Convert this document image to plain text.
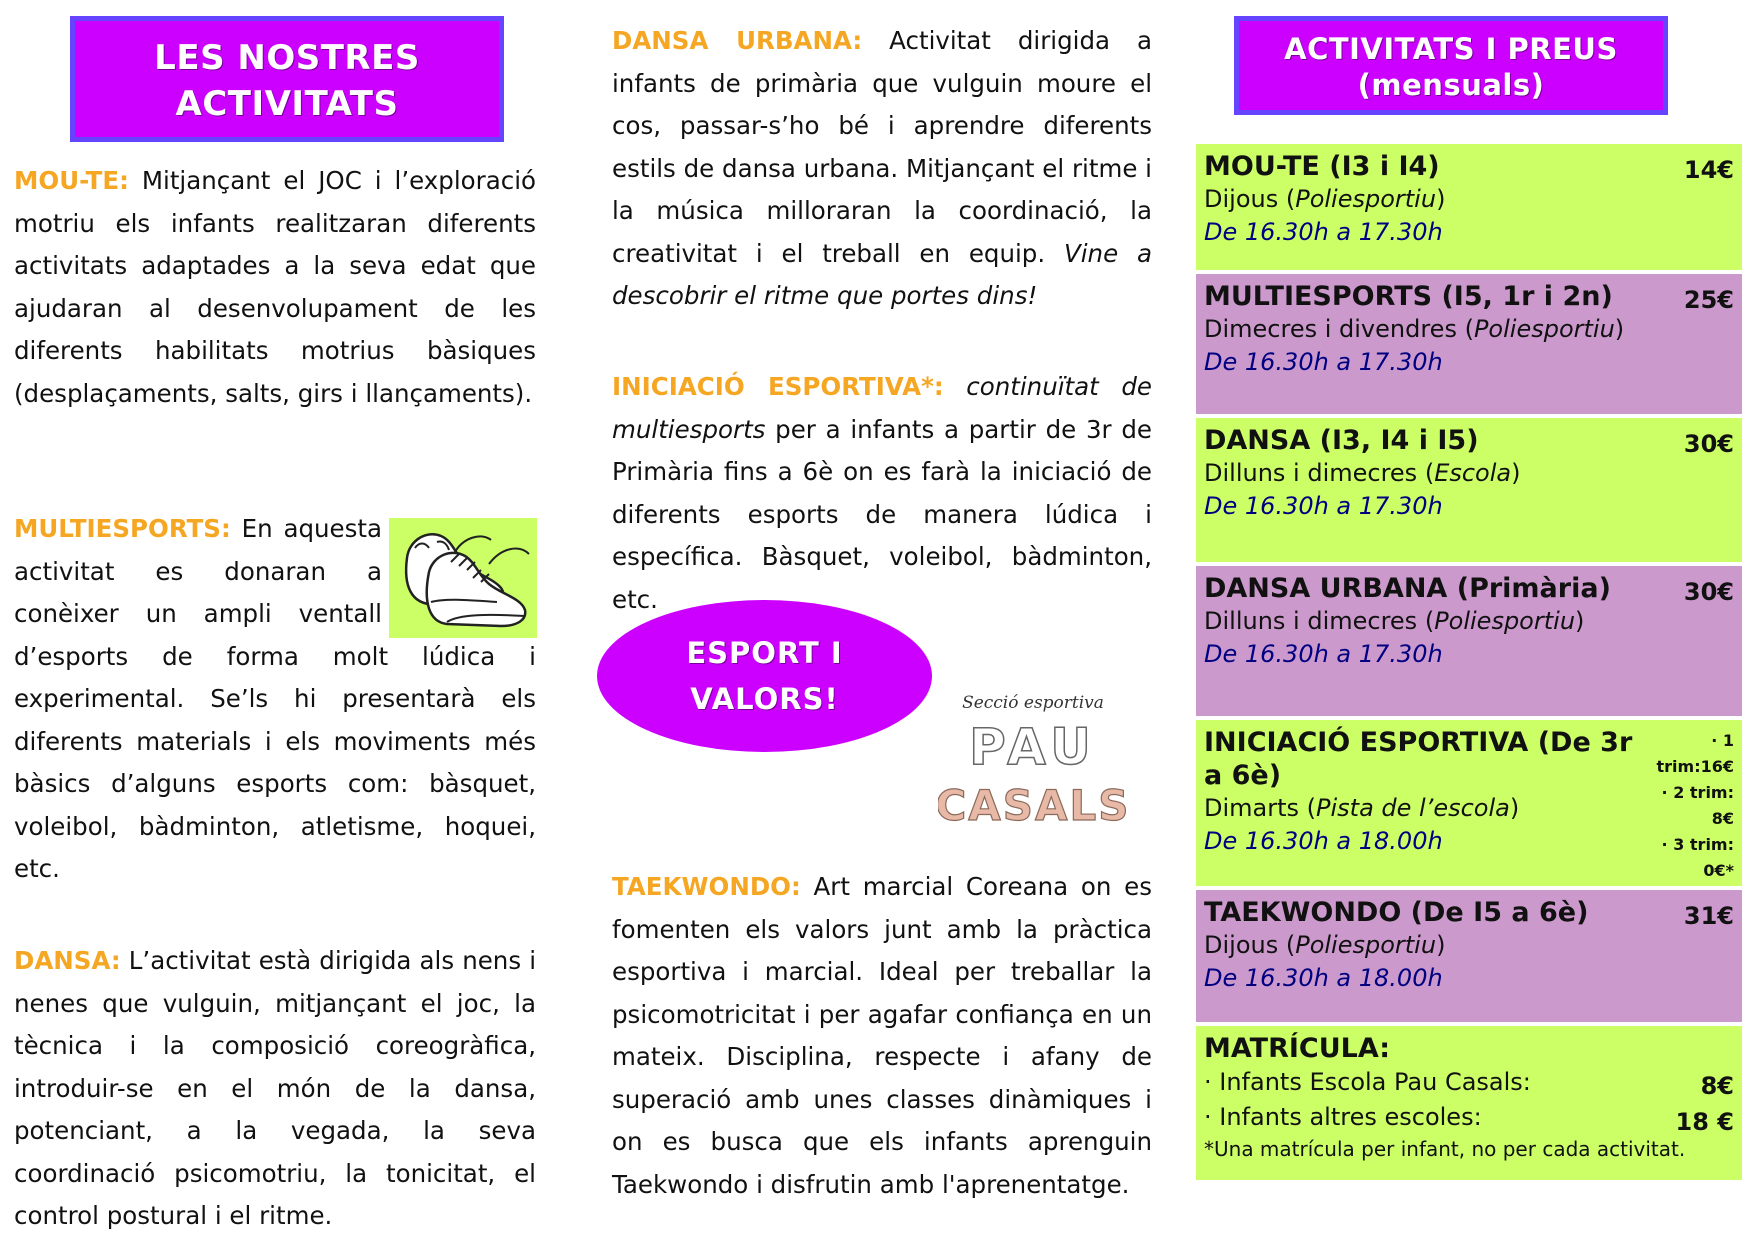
LES NOSTRES
ACTIVITATS
ACTIVITATS I PREUS
(mensuals)
MOU-TE: Mitjançant el JOC i l’exploració motriu els infants realitzaran diferents activitats adaptades a la seva edat que ajudaran al desenvolupament de les diferents habilitats motrius bàsiques (desplaçaments, salts, girs i llançaments).
MULTIESPORTS: En aquesta activitat es donaran a conèixer un ampli ventall d’esports de forma molt lúdica i experimental. Se’ls hi presentarà els diferents materials i els moviments més bàsics d’alguns esports com: bàsquet, voleibol, bàdminton, atletisme, hoquei, etc.
DANSA: L’activitat està dirigida als nens i nenes que vulguin, mitjançant el joc, la tècnica i la composició coreogràfica, introduir-se en el món de la dansa, potenciant, a la vegada, la seva coordinació psicomotriu, la tonicitat, el control postural i el ritme.
DANSA URBANA: Activitat dirigida a infants de primària que vulguin moure el cos, passar-s’ho bé i aprendre diferents estils de dansa urbana. Mitjançant el ritme i la música milloraran la coordinació, la creativitat i el treball en equip. Vine a descobrir el ritme que portes dins!
INICIACIÓ ESPORTIVA*: continuïtat de multiesports per a infants a partir de 3r de Primària fins a 6è on es farà la iniciació de diferents esports de manera lúdica i específica. Bàsquet, voleibol, bàdminton, etc.
ESPORT I
VALORS!	Secció esportiva
PAU
CASALS
TAEKWONDO: Art marcial Coreana on es fomenten els valors junt amb la pràctica esportiva i marcial. Ideal per treballar la psicomotricitat i per agafar confiança en un mateix. Disciplina, respecte i afany de superació amb unes classes dinàmiques i on es busca que els infants aprenguin Taekwondo i disfrutin amb l'aprenentatge.
MOU-TE (I3 i I4)
Dijous (Poliesportiu)
De 16.30h a 17.30h
14€
MULTIESPORTS (I5, 1r i 2n)
Dimecres i divendres (Poliesportiu)
De 16.30h a 17.30h
25€
DANSA (I3, I4 i I5)
Dilluns i dimecres (Escola)
De 16.30h a 17.30h
30€
DANSA URBANA (Primària)
Dilluns i dimecres (Poliesportiu)
De 16.30h a 17.30h
30€
INICIACIÓ ESPORTIVA (De 3r a 6è)
Dimarts (Pista de l’escola)
De 16.30h a 18.00h
· 1 trim:16€
· 2 trim: 8€
· 3 trim: 0€*
TAEKWONDO (De I5 a 6è)
Dijous (Poliesportiu)
De 16.30h a 18.00h
31€
MATRÍCULA:
· Infants Escola Pau Casals:
· Infants altres escoles:
*Una matrícula per infant, no per cada activitat.
8€
18 €
